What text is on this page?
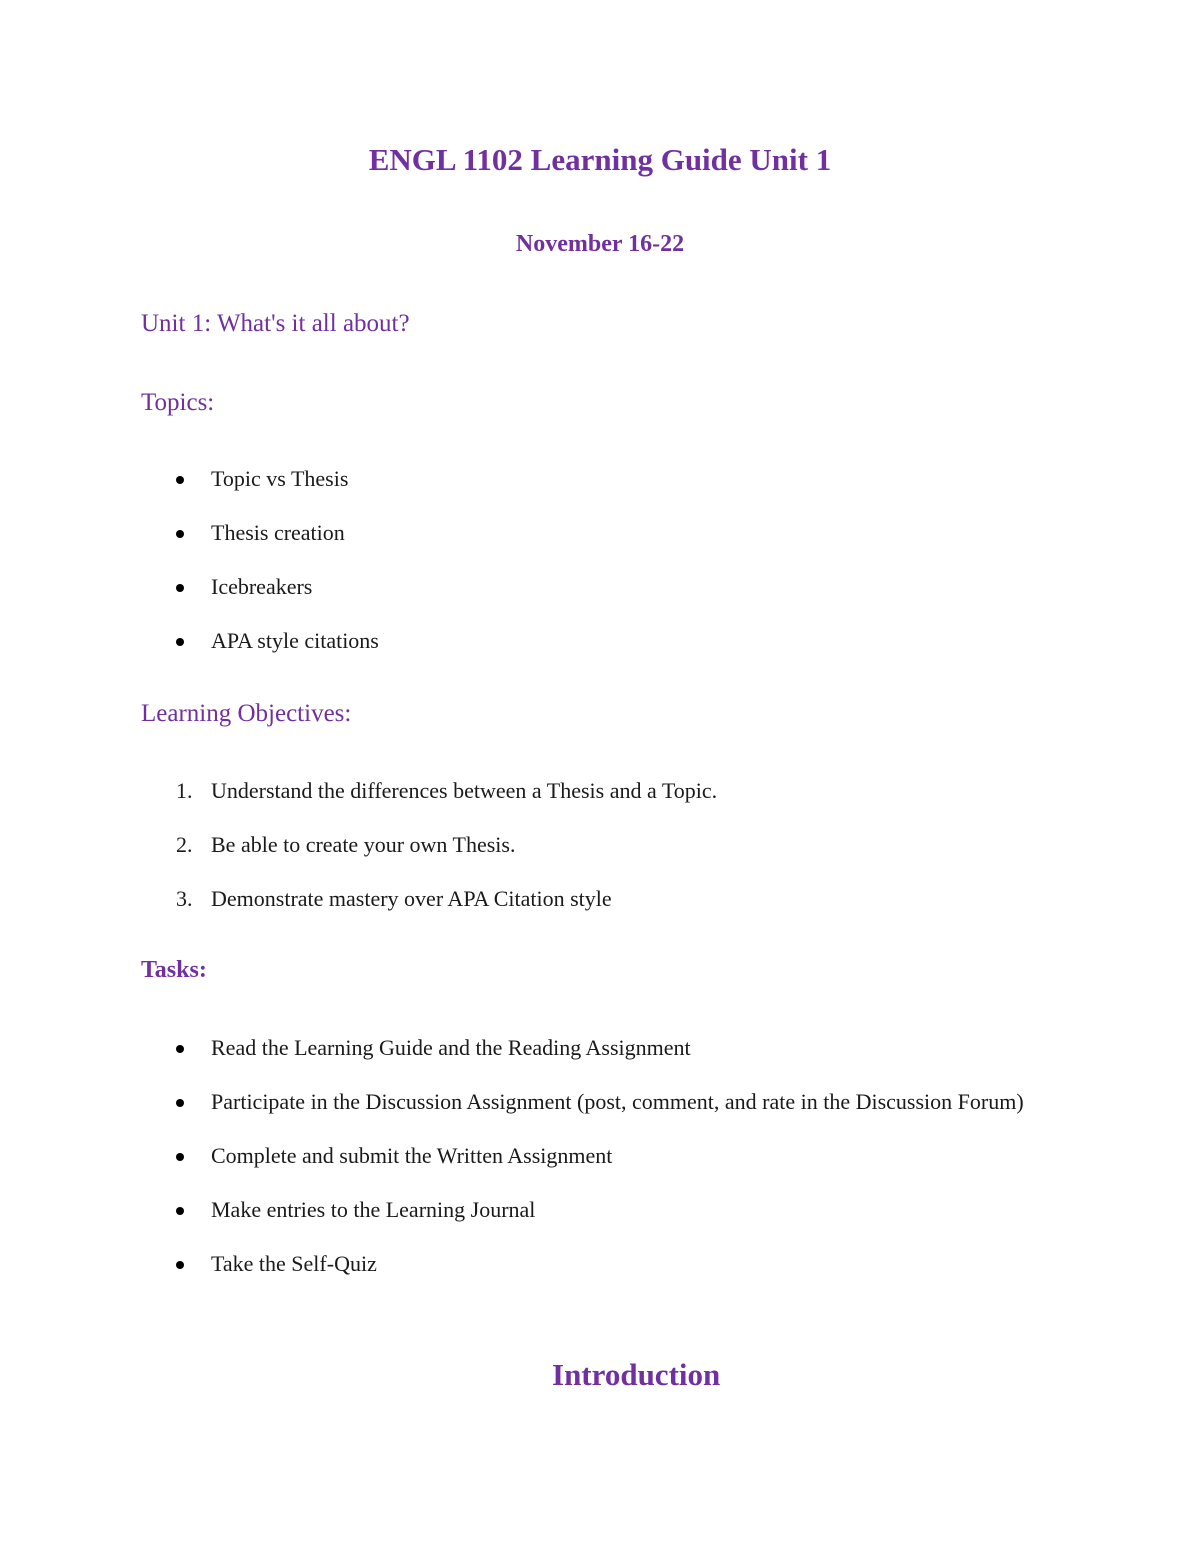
ENGL 1102 Learning Guide Unit 1
November 16-22
Unit 1: What's it all about?
Topics:
Topic vs Thesis
Thesis creation
Icebreakers
APA style citations
Learning Objectives:
1. Understand the differences between a Thesis and a Topic.
2. Be able to create your own Thesis.
3. Demonstrate mastery over APA Citation style
Tasks:
Read the Learning Guide and the Reading Assignment
Participate in the Discussion Assignment (post, comment, and rate in the Discussion Forum)
Complete and submit the Written Assignment
Make entries to the Learning Journal
Take the Self-Quiz
Introduction
